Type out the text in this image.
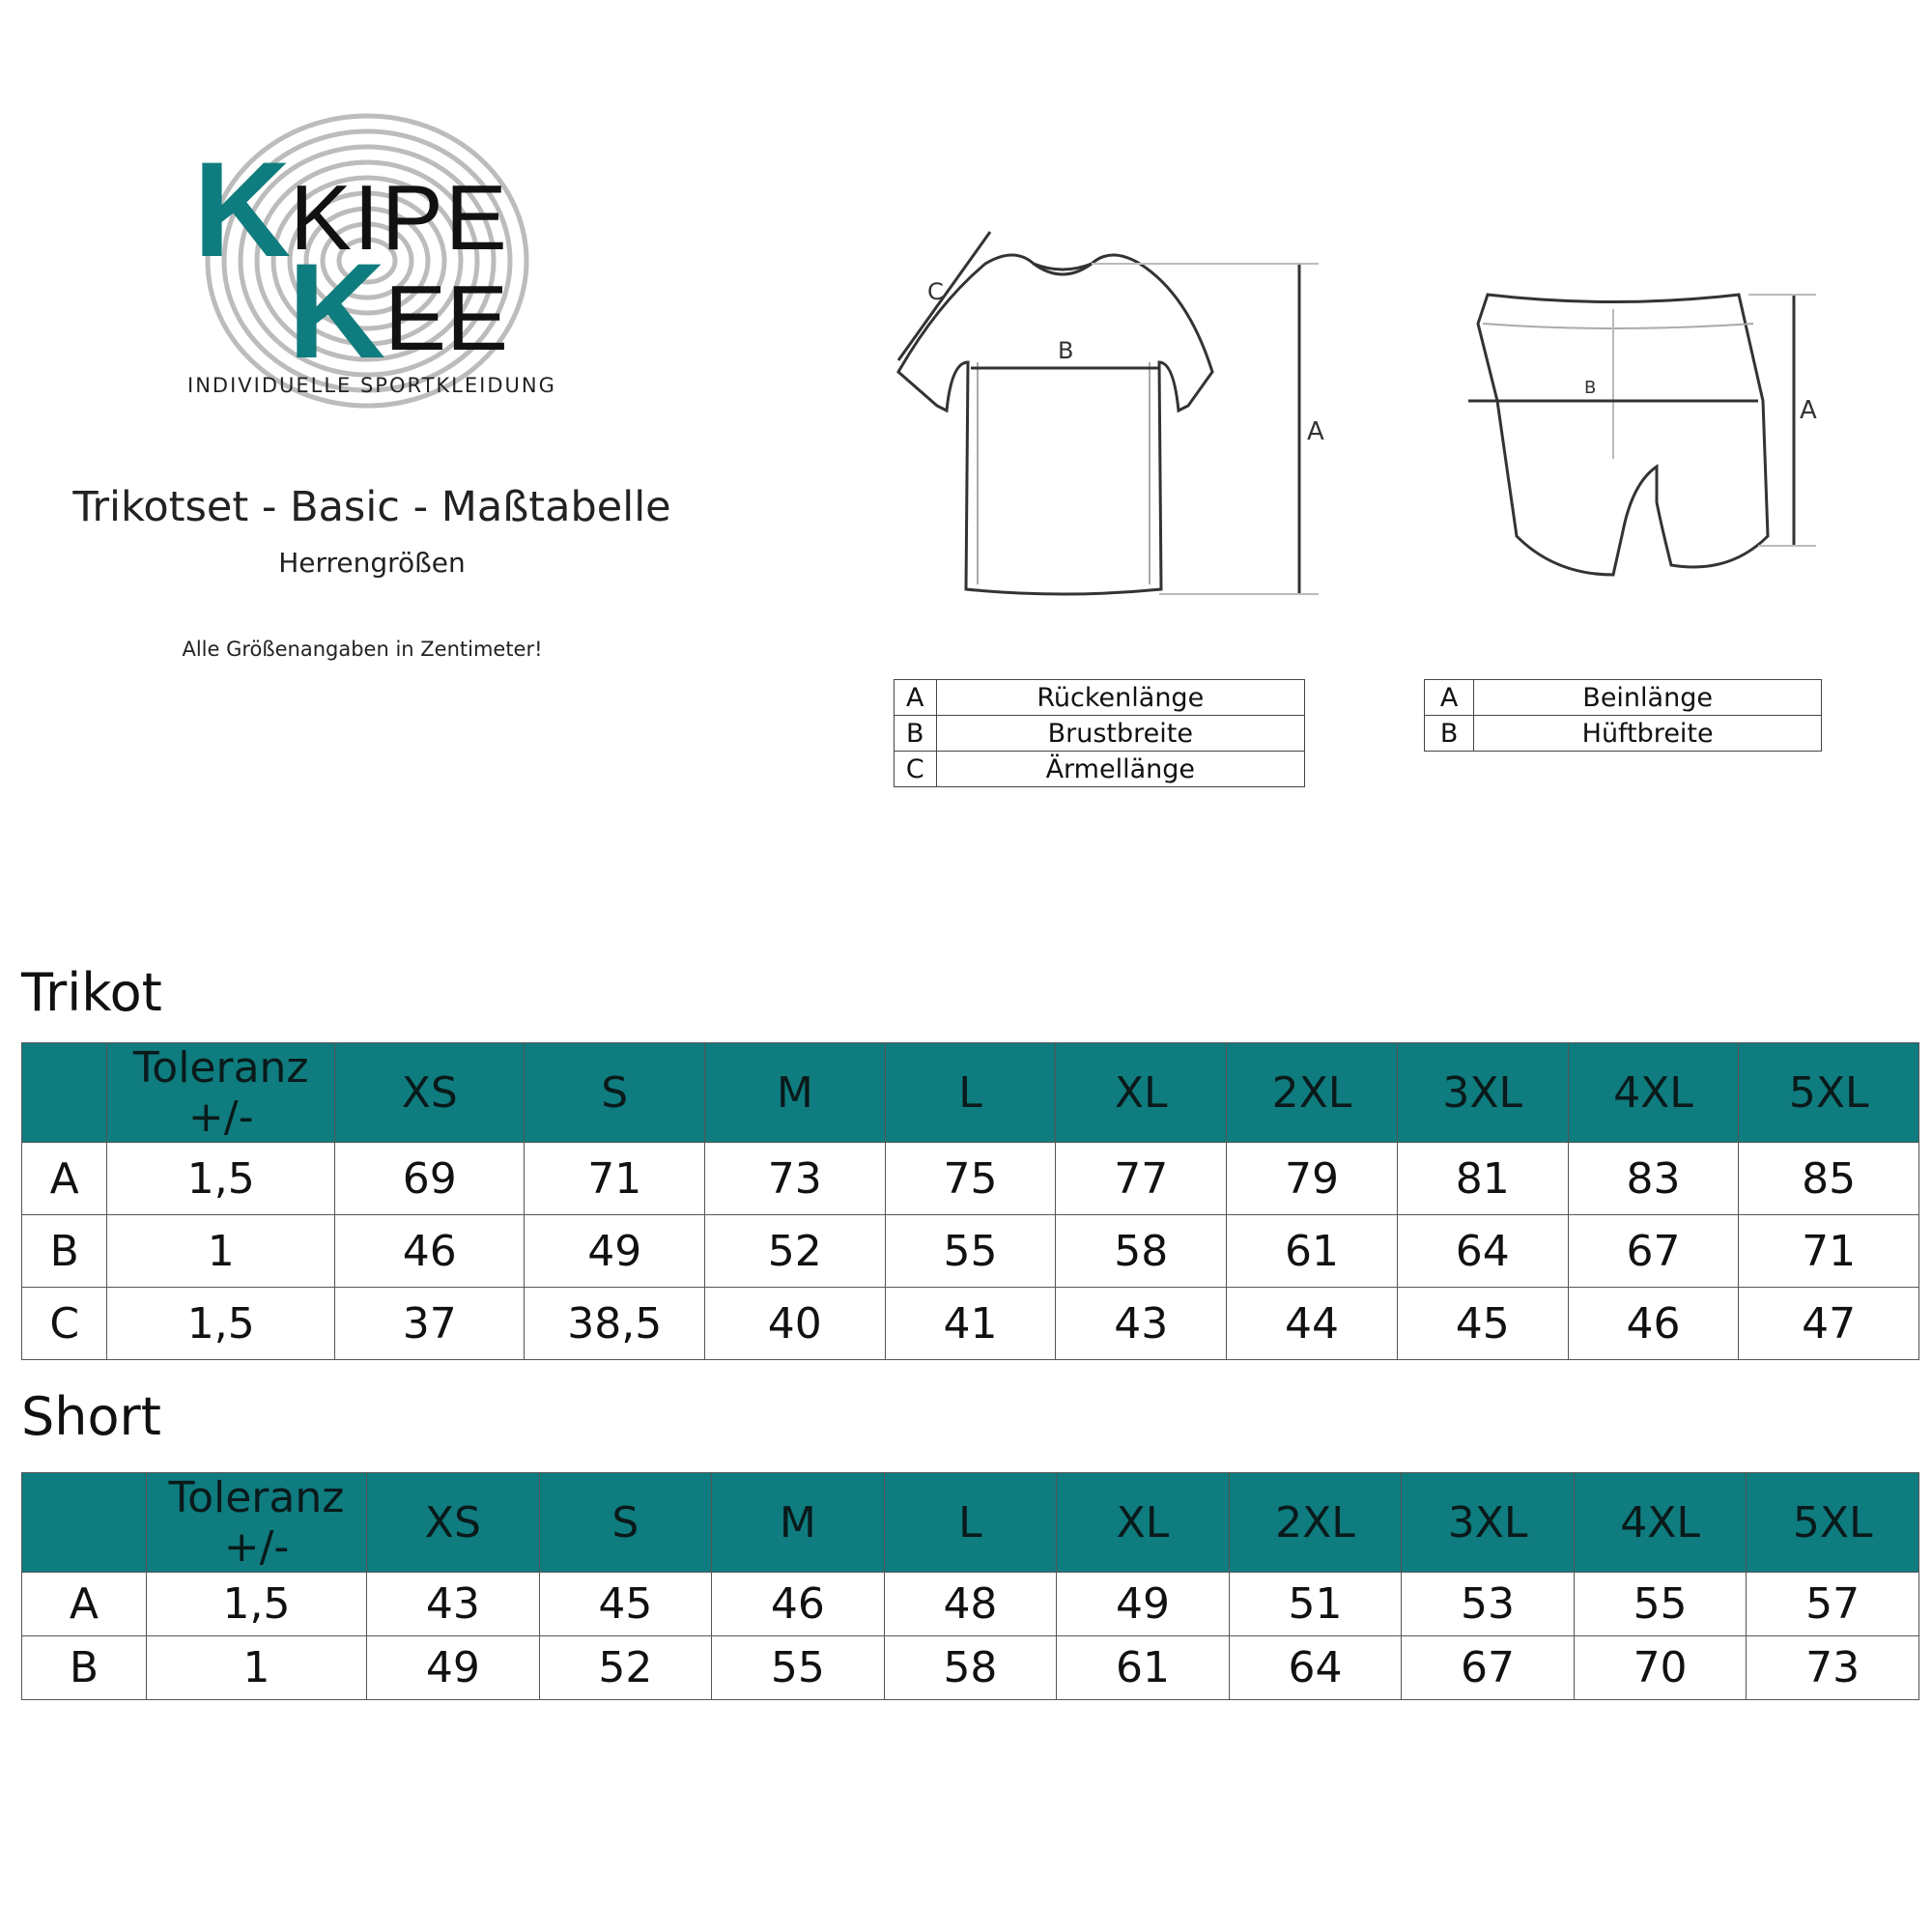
K KIPE
K
EE
INDIVIDUELLE SPORTKLEIDUNG
Trikotset - Basic - Maßtabelle
Herrengrößen
Alle Größenangaben in Zentimeter!
C
B
A
B
A
A	Rückenlänge
B	Brustbreite
C	Ärmellänge
A	Beinlänge
B	Hüftbreite
Trikot
Short
	Toleranz +/-	XS	S	M	L	XL	2XL	3XL	4XL	5XL
A	1,5	69	71	73	75	77	79	81	83	85
B	1	46	49	52	55	58	61	64	67	71
C	1,5	37	38,5	40	41	43	44	45	46	47
	Toleranz +/-	XS	S	M	L	XL	2XL	3XL	4XL	5XL
A	1,5	43	45	46	48	49	51	53	55	57
B	1	49	52	55	58	61	64	67	70	73
